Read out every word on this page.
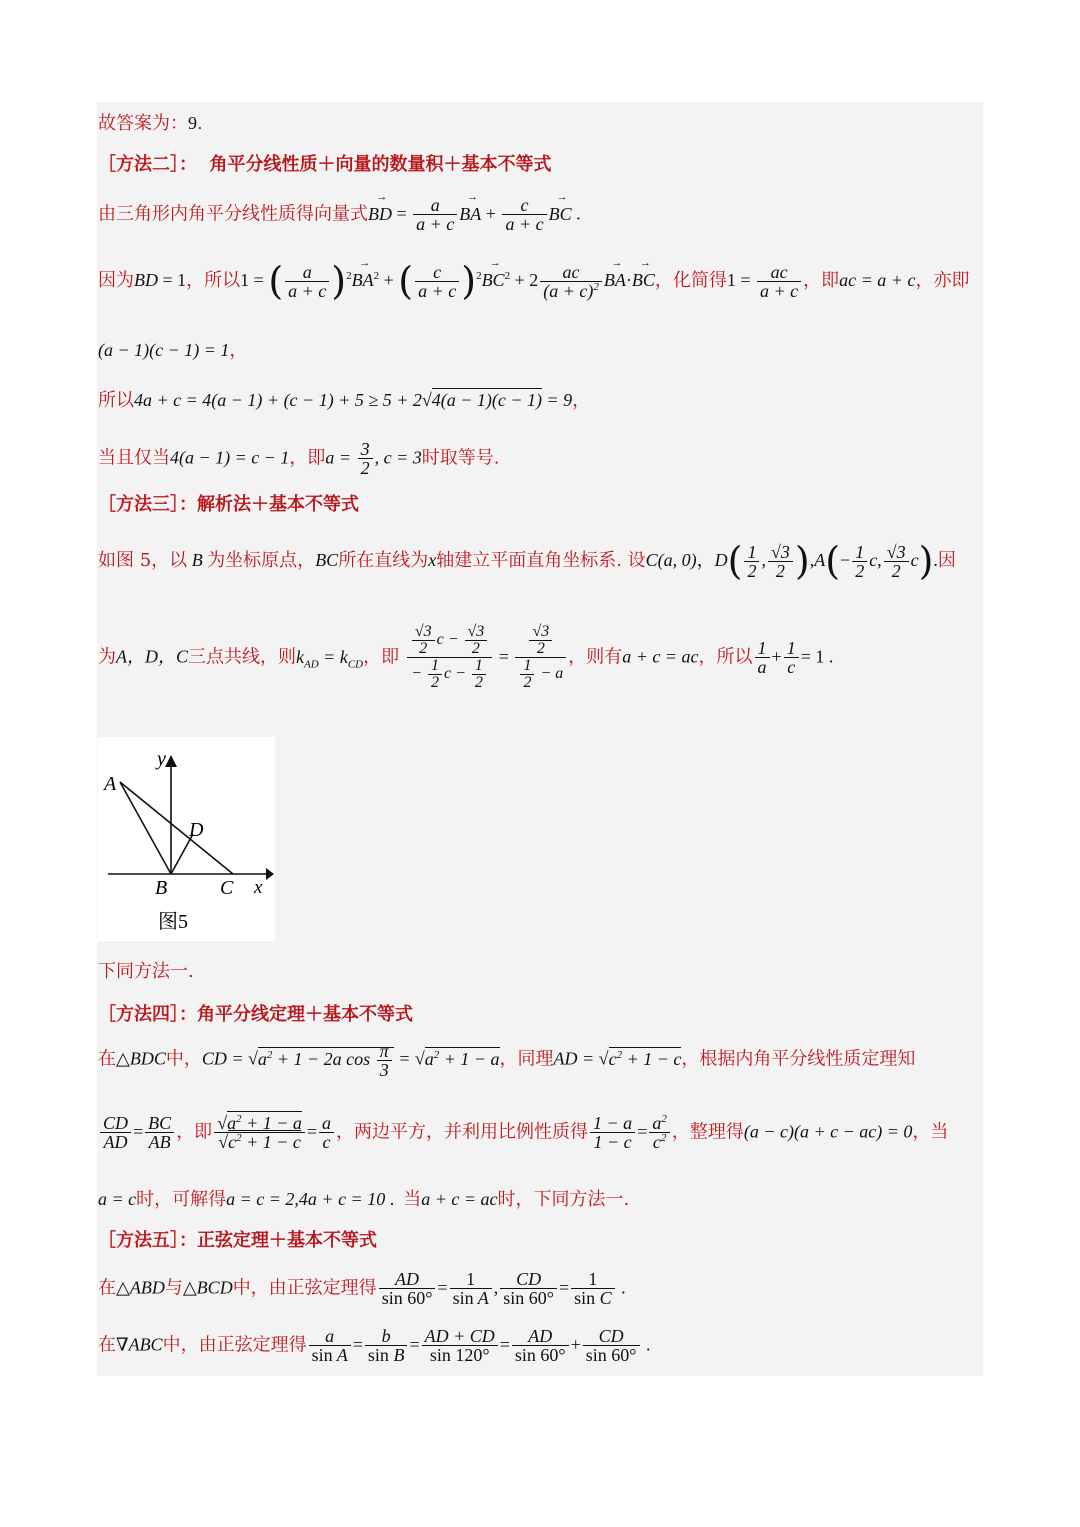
故答案为：9.
［方法二］： 角平分线性质＋向量的数量积＋基本不等式
由三角形内角平分线性质得向量式→ BD = $\frac{a}{a + c}$
→ BA + $\frac{c}{a + c}$
→ BC .
因为BD = 1，所以1 = ( $\frac{a}{a + c} )^2\to BA^2$ + ( $\frac{c}{a + c} )^2\to BC^2 + 2 \frac{ac}{(a + c)^2}$
→ BA·→ BC，化简得$1 = \frac{ac}{a + c}$ ，即ac = a + c，亦即
(a − 1)(c − 1) = 1，
所以4a + c = 4(a − 1) + (c − 1) + 5 ≥ 5 + 2√4(a − 1)(c − 1) = 9，
当且仅当4(a − 1) = c − 1，即$a = \frac{3}{2}$ , c = 3时取等号.
［方法三］：解析法＋基本不等式
如图 5，以 B 为坐标原点，BC所在直线为x轴建立平面直角坐标系. 设C(a, 0)，$D( \frac{1}{2}$ , $\frac{√3}{2} ),A(- \frac{1}{2} c$, $\frac{√3}{2} c$).因
为A，D，C三点共线，则$k_{AD} = k_{CD}$，即 $\frac{\frac{√3}{2} c - \frac{√3}{2}}{- \frac{1}{2} c - \frac{1}{2}} = \frac{\frac{√3}{2}}{\frac{1}{2} - a}$ ，则有a + c = ac，所以 $\frac{1}{a} + \frac{1}{c} = 1$ .
y
A
D
B	C x
图5
下同方法一.
［方法四］：角平分线定理＋基本不等式
在△BDC中，CD = $√a^2 + 1 - 2a$ $\cos \frac{\pi}{3} = √a^2 + 1 - a$，同理AD = $√c^2 + 1 - c$，根据内角平分线性质定理知
$\frac{CD}{AD} = \frac{BC}{AB}$ ，即 $\frac{√a^2 + 1 - a}{√c^2 + 1 - c} = \frac{a}{c}$ ，两边平方，并利用比例性质得 $\frac{1 - a}{1 - c} = \frac{a^2}{c^2}$ ，整理得(a − c)(a + c − ac) = 0，当
a = c时，可解得a = c = 2,4a + c = 10 .  当a + c = ac时，下同方法一.
［方法五］：正弦定理＋基本不等式
在△ABD与△BCD中，由正弦定理得 $\frac{AD}{\sin 60^\circ} = \frac{1}{\text{sin A}}$ , $\frac{CD}{\sin 60^\circ} = \frac{1}{\text{sin C}}$ .
在∇ABC中，由正弦定理得 $\frac{a}{\text{sin A}} = \frac{b}{\text{sin B}} = \frac{AD + CD}{\sin 120^\circ} = \frac{AD}{\sin 60^\circ} + \frac{CD}{\sin 60^\circ}$ .
